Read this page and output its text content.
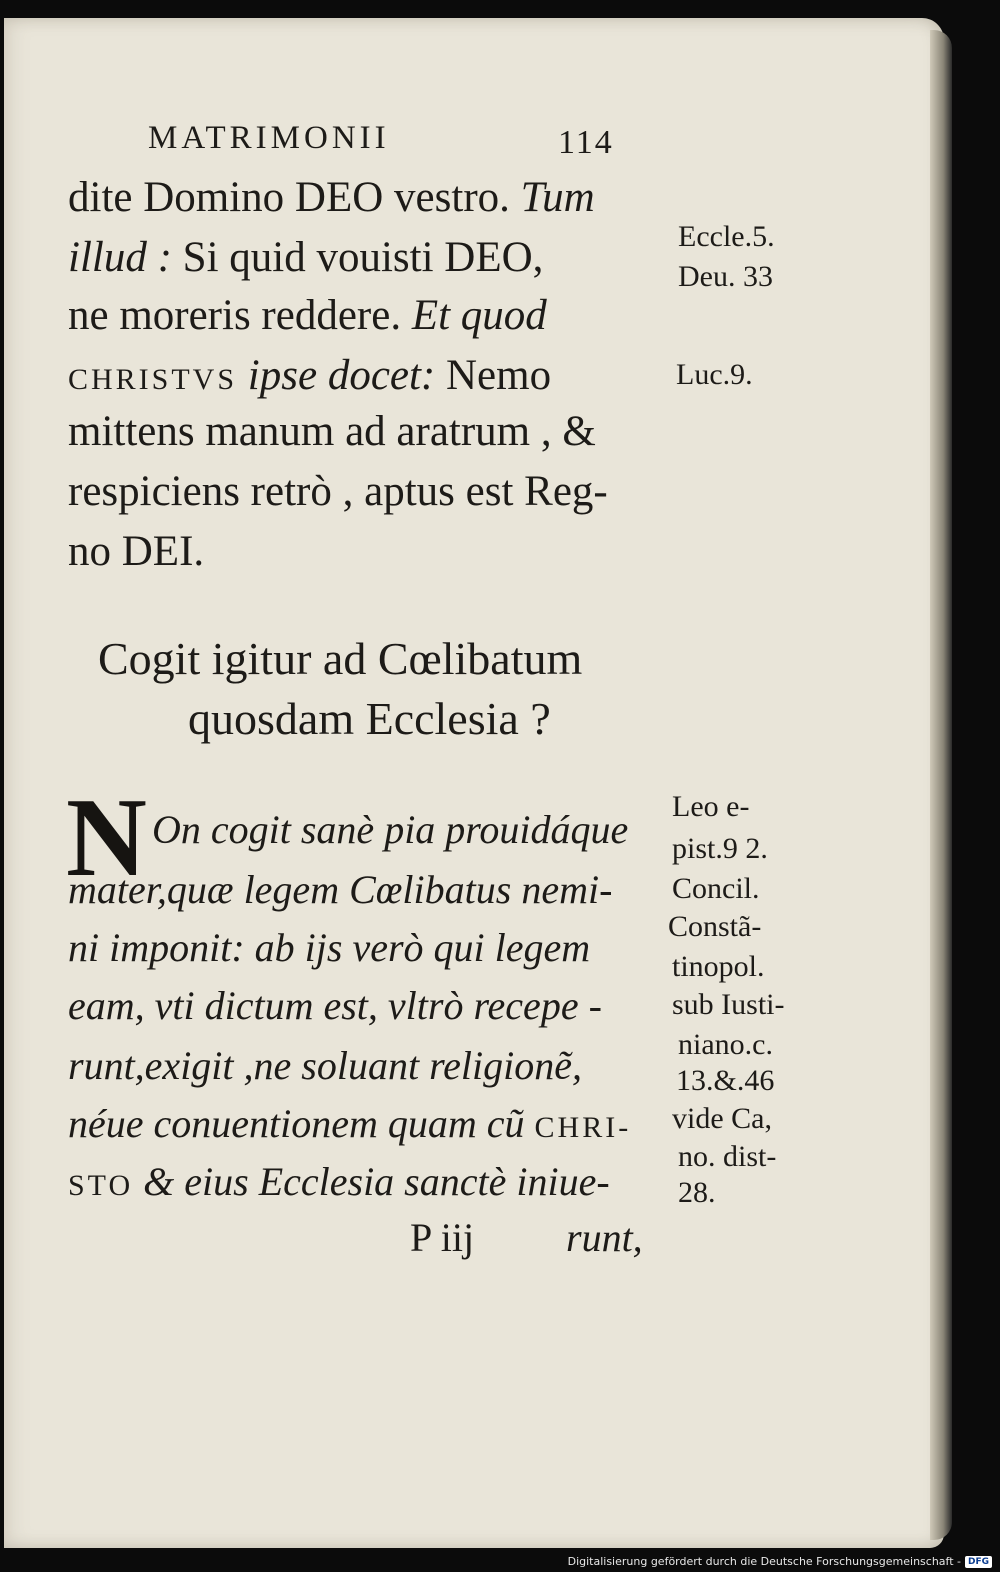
MATRIMONII	114
dite Domino DEO vestro. Tum
illud : Si quid vouisti DEO,
ne moreris reddere. Et quod
CHRISTVS ipse docet: Nemo
mittens manum ad aratrum , &
respiciens retrò , aptus est Reg-
no DEI.
Cogit igitur ad Cœlibatum
quosdam Ecclesia ?
N On cogit sanè pia prouidáque
mater,quæ legem Cœlibatus nemi-
ni imponit: ab ijs verò qui legem
eam, vti dictum est, vltrò recepe -
runt,exigit ,ne soluant religionẽ,
néue conuentionem quam cũ CHRI-
STO & eius Ecclesia sanctè iniue-
P iij runt,
Eccle.5.
Deu. 33
Luc.9.
Leo e-
pist.9 2.
Concil.
Constã-
tinopol.
sub Iusti-
niano.c.
13.&.46
vide Ca,
no. dist-
28.
Digitalisierung gefördert durch die Deutsche Forschungsgemeinschaft - DFG
